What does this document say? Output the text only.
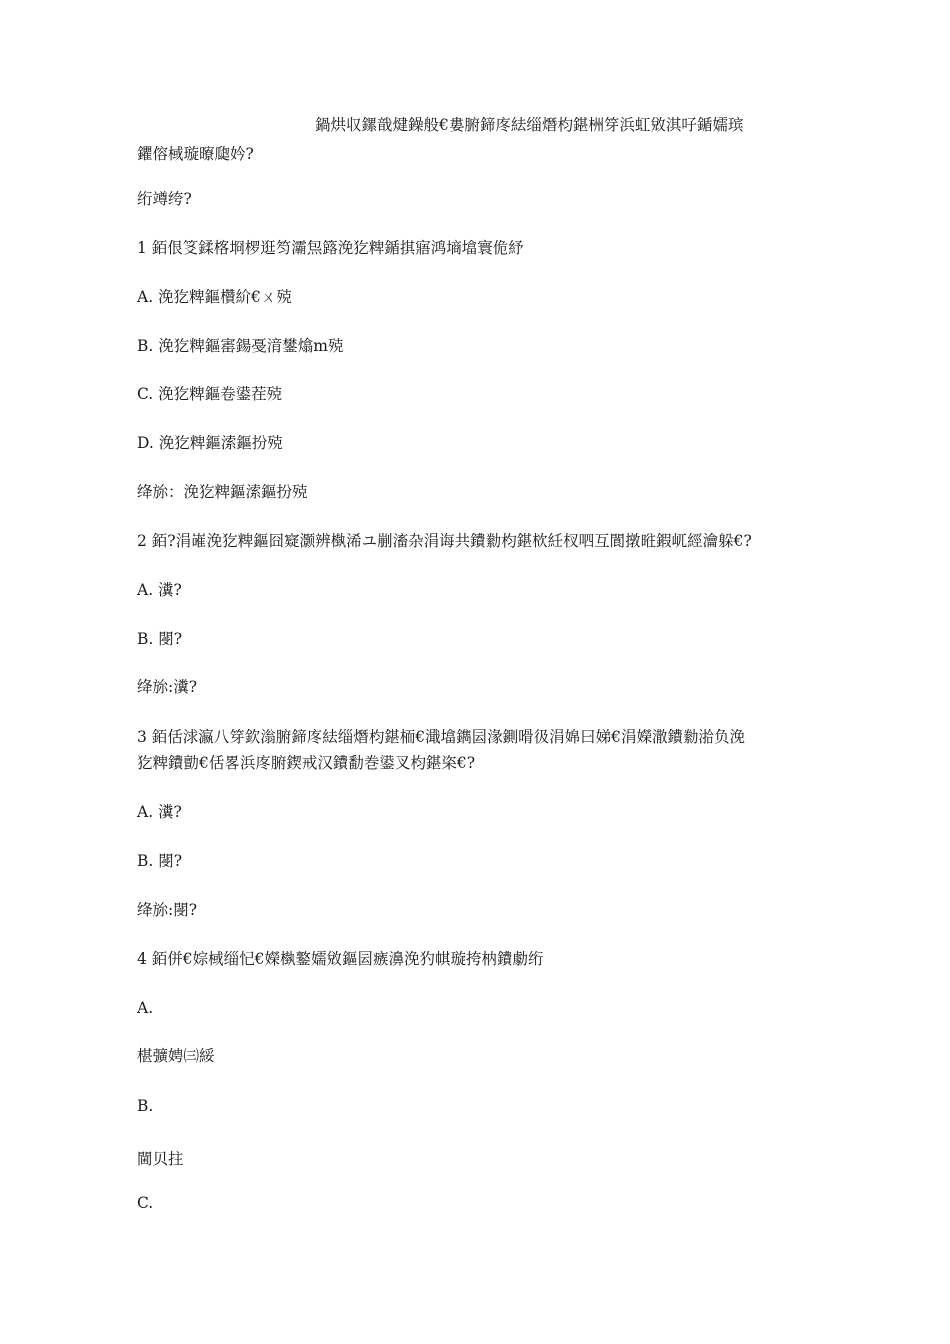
鍋烘収鏍戠煡鐰般€婁腑鍗庝紶缁熸枃鍖栦笌浜虹敓淇吇鍎嬬瑸
鑺傛棫璇曢瓟妗?
绗竴绔?
1 銆佷笅鍒楁埛椤逛笉灞炰簬浼犵粺鍎掑寤鸿墒墖寰佹紓
A. 浼犵粺鏂欑紒€ㄨ殑
B. 浼犵粺鏂寚鍚戞湇鐢熻m殑
C. 浼犵粺鏂卷鍙茬殑
D. 浼犵粺鏂溹鏂扮殑
绛旀：浼犵粺鏂溹鏂扮殑
2 銆?涓嶉浼犵粺鏂囧寲灏辨槸浠ユ剻滀杂涓诲共鐨勬枃鍖栨紝杈呬互閬撴暀鍜屼經瀹躲€?
A. 瀵?
B. 閿?
绛旀:瀵?
3 銆佸浗瀛八笌欽滃腑鍗庝紶缁熸枃鍖栭€濈墖鐫囩湪鍘嗗彶涓婂曰娣€涓嬫潵鐨勬湁负浼
犵粺鐨勯€佸畧浜庝腑鍥戒汉鐨勫巻鍙叉枃鍖栥€?
A. 瀵?
B. 閿?
绛旀:閿?
4 銆併€婃棫缁忋€嬫槸鐜嬬敓鏂囩瘯濞浼犳帺璇挎枘鐨勮绗
A.
椹彍娉㈢綏
B.
閫贝拄
C.
